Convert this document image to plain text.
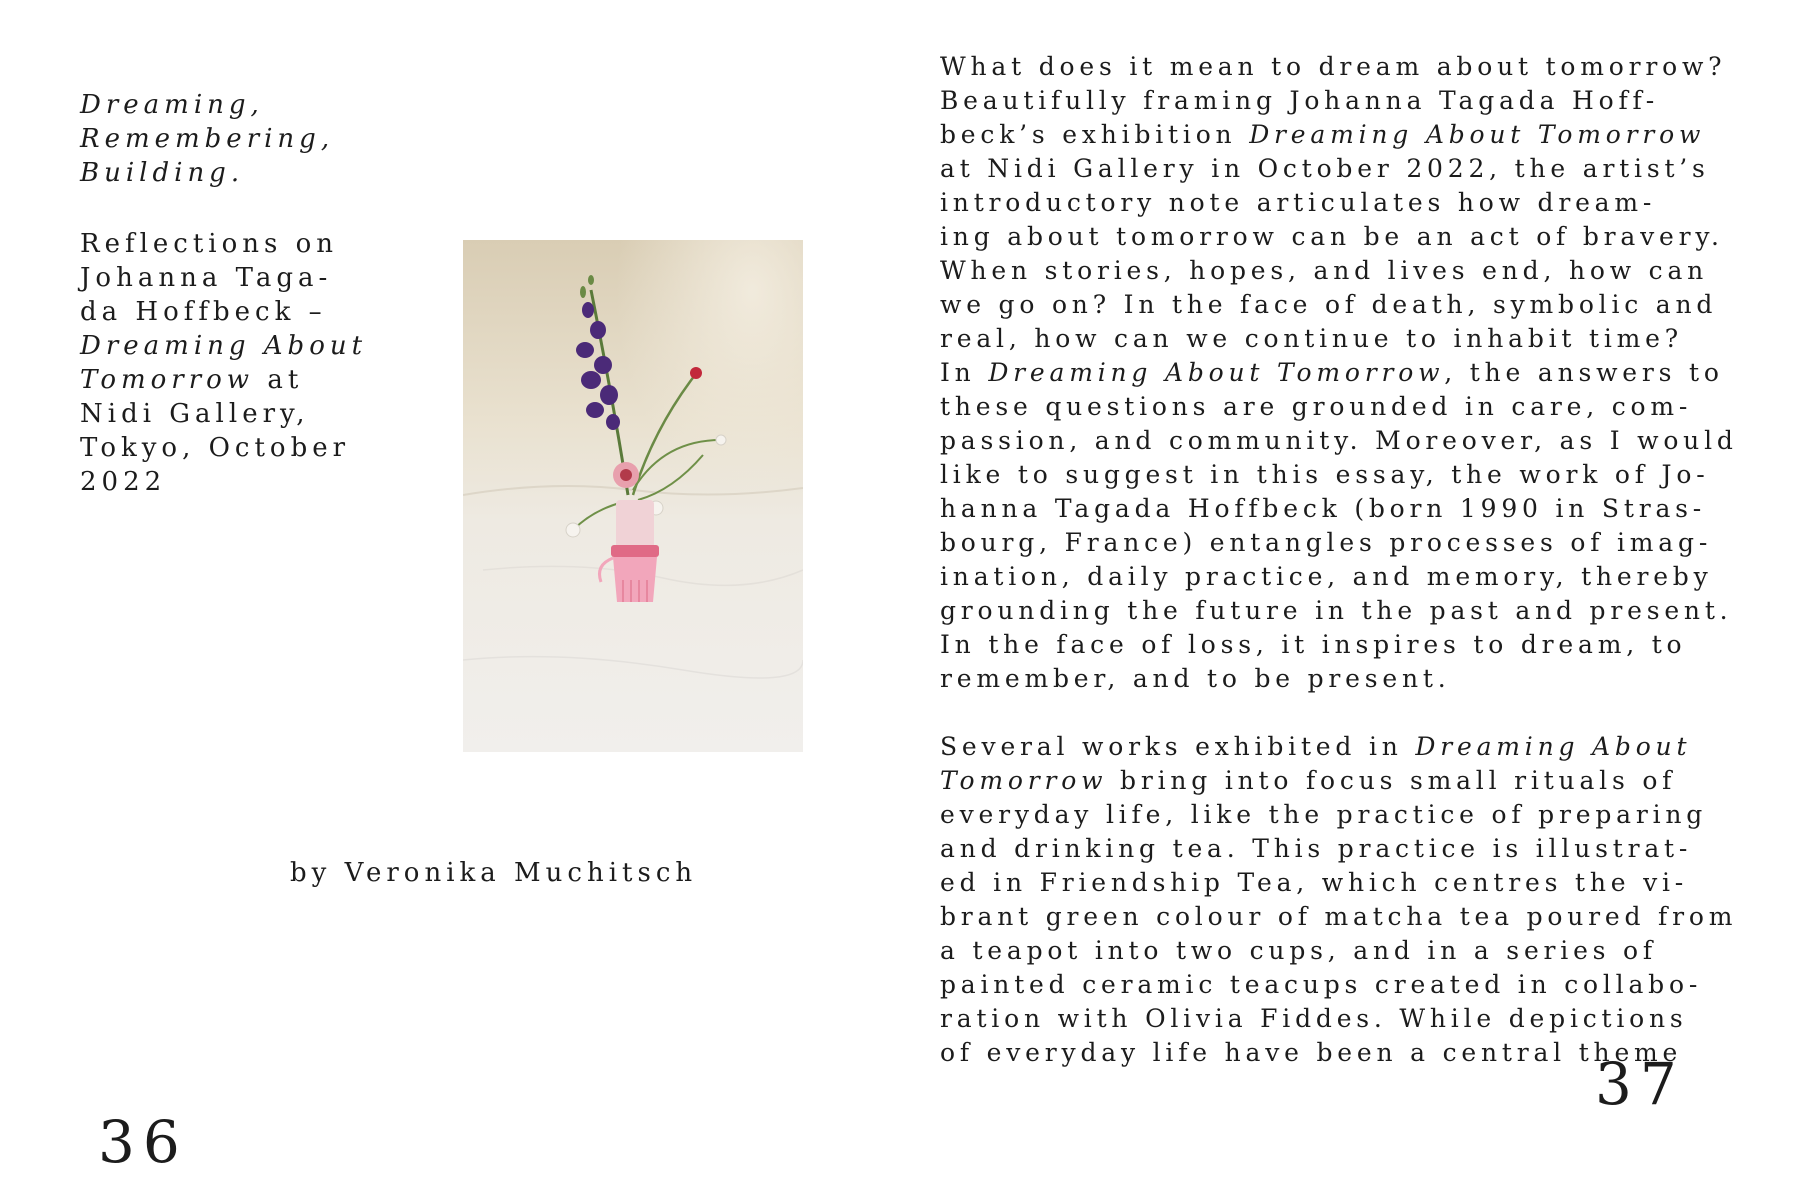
Dreaming,
Remembering,
Building.
Reflections on
Johanna Taga-
da Hoffbeck –
Dreaming About
Tomorrow at
Nidi Gallery,
Tokyo, October
2022
by Veronika Muchitsch
36
What does it mean to dream about tomorrow?
Beautifully framing Johanna Tagada Hoff-
beck’s exhibition Dreaming About Tomorrow
at Nidi Gallery in October 2022, the artist’s
introductory note articulates how dream-
ing about tomorrow can be an act of bravery.
When stories, hopes, and lives end, how can
we go on? In the face of death, symbolic and
real, how can we continue to inhabit time?
In Dreaming About Tomorrow, the answers to
these questions are grounded in care, com-
passion, and community. Moreover, as I would
like to suggest in this essay, the work of Jo-
hanna Tagada Hoffbeck (born 1990 in Stras-
bourg, France) entangles processes of imag-
ination, daily practice, and memory, thereby
grounding the future in the past and present.
In the face of loss, it inspires to dream, to
remember, and to be present.
Several works exhibited in Dreaming About
Tomorrow bring into focus small rituals of
everyday life, like the practice of preparing
and drinking tea. This practice is illustrat-
ed in Friendship Tea, which centres the vi-
brant green colour of matcha tea poured from
a teapot into two cups, and in a series of
painted ceramic teacups created in collabo-
ration with Olivia Fiddes. While depictions
of everyday life have been a central theme
37
